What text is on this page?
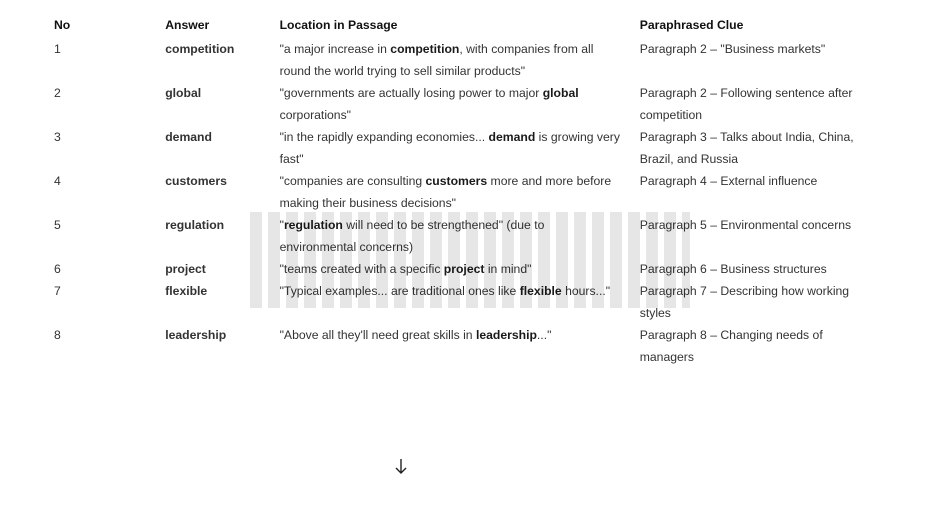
No	Answer	Location in Passage	Paraphrased Clue
1	competition	"a major increase in competition, with companies from all round the world trying to sell similar products"	Paragraph 2 – "Business markets"
2	global	"governments are actually losing power to major global corporations"	Paragraph 2 – Following sentence after competition
3	demand	"in the rapidly expanding economies... demand is growing very fast"	Paragraph 3 – Talks about India, China, Brazil, and Russia
4	customers	"companies are consulting customers more and more before making their business decisions"	Paragraph 4 – External influence
5	regulation	"regulation will need to be strengthened" (due to environmental concerns)	Paragraph 5 – Environmental concerns
6	project	"teams created with a specific project in mind"	Paragraph 6 – Business structures
7	flexible	"Typical examples... are traditional ones like flexible hours..."	Paragraph 7 – Describing how working styles
8	leadership	"Above all they'll need great skills in leadership..."	Paragraph 8 – Changing needs of managers
